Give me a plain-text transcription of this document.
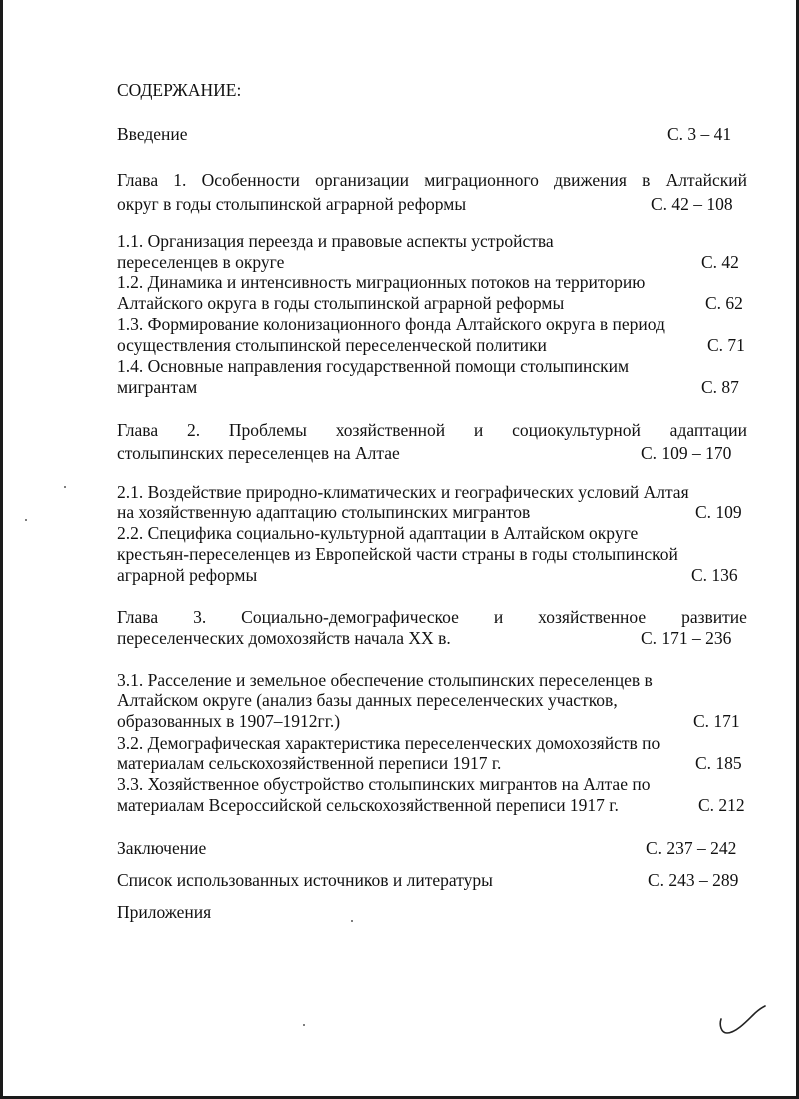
СОДЕРЖАНИЕ:
Введение	С. 3 – 41
Глава 1. Особенности организации миграционного движения в Алтайский
округ в годы столыпинской аграрной реформы	С. 42 – 108
1.1. Организация переезда и правовые аспекты устройства
переселенцев в округе	С. 42
1.2. Динамика и интенсивность миграционных потоков на территорию
Алтайского округа в годы столыпинской аграрной реформы	С. 62
1.3. Формирование колонизационного фонда Алтайского округа в период
осуществления столыпинской переселенческой политики	С. 71
1.4. Основные направления государственной помощи столыпинским
мигрантам	С. 87
Глава 2. Проблемы хозяйственной и социокультурной адаптации
столыпинских переселенцев на Алтае	С. 109 – 170
2.1. Воздействие природно-климатических и географических условий Алтая
на хозяйственную адаптацию столыпинских мигрантов	С. 109
2.2. Специфика социально-культурной адаптации в Алтайском округе
крестьян-переселенцев из Европейской части страны в годы столыпинской
аграрной реформы	С. 136
Глава 3. Социально-демографическое и хозяйственное развитие
переселенческих домохозяйств начала XX в.	С. 171 – 236
3.1. Расселение и земельное обеспечение столыпинских переселенцев в
Алтайском округе (анализ базы данных переселенческих участков,
образованных в 1907–1912гг.)	С. 171
3.2. Демографическая характеристика переселенческих домохозяйств по
материалам сельскохозяйственной переписи 1917 г.	С. 185
3.3. Хозяйственное обустройство столыпинских мигрантов на Алтае по
материалам Всероссийской сельскохозяйственной переписи 1917 г.	С. 212
Заключение	С. 237 – 242
Список использованных источников и литературы	С. 243 – 289
Приложения
